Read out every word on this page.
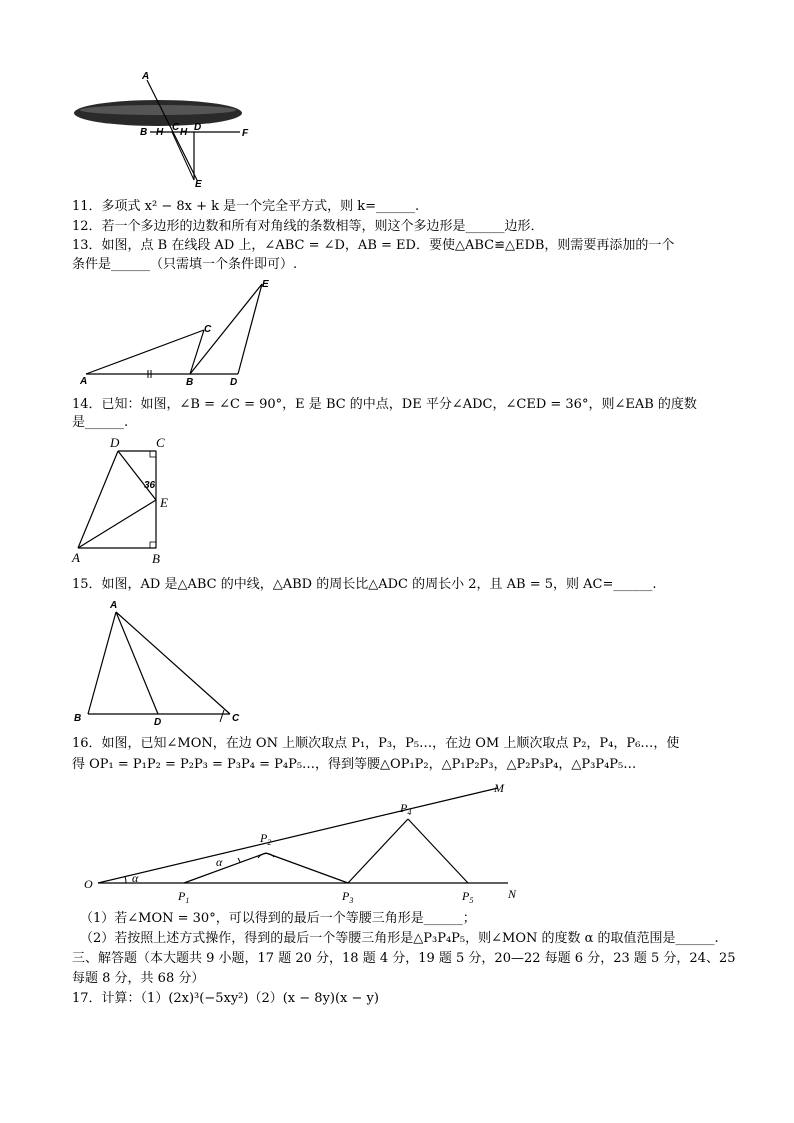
A
B C D
E
F
H H
11．多项式 x² − 8x + k 是一个完全平方式，则 k=______.
12．若一个多边形的边数和所有对角线的条数相等，则这个多边形是______边形．
13．如图，点 B 在线段 AD 上，∠ABC = ∠D，AB = ED．要使△ABC≌△EDB，则需要再添加的一个
条件是______（只需填一个条件即可）.
A	B
C
D
E
14．已知：如图，∠B = ∠C = 90°，E 是 BC 的中点，DE 平分∠ADC，∠CED = 36°，则∠EAB 的度数
是______.
D	C
E
A	B
36
15．如图，AD 是△ABC 的中线，△ABD 的周长比△ADC 的周长小 2，且 AB = 5，则 AC=______.
A
B	D	C
16．如图，已知∠MON，在边 ON 上顺次取点 P₁，P₃，P₅…，在边 OM 上顺次取点 P₂，P₄，P₆…，使
得 OP₁ = P₁P₂ = P₂P₃ = P₃P₄ = P₄P₅…，得到等腰△OP₁P₂，△P₁P₂P₃，△P₂P₃P₄，△P₃P₄P₅…
O
M
N
α
α
$P_1$
$P_2$
$P_3$
$P_4$
$P_5$
（1）若∠MON = 30°，可以得到的最后一个等腰三角形是______；
（2）若按照上述方式操作，得到的最后一个等腰三角形是△P₃P₄P₅，则∠MON 的度数 α 的取值范围是______.
三、解答题（本大题共 9 小题，17 题 20 分，18 题 4 分，19 题 5 分，20—22 每题 6 分，23 题 5 分，24、25
每题 8 分，共 68 分）
17．计算：（1）(2x)³(−5xy²)（2）(x − 8y)(x − y)
